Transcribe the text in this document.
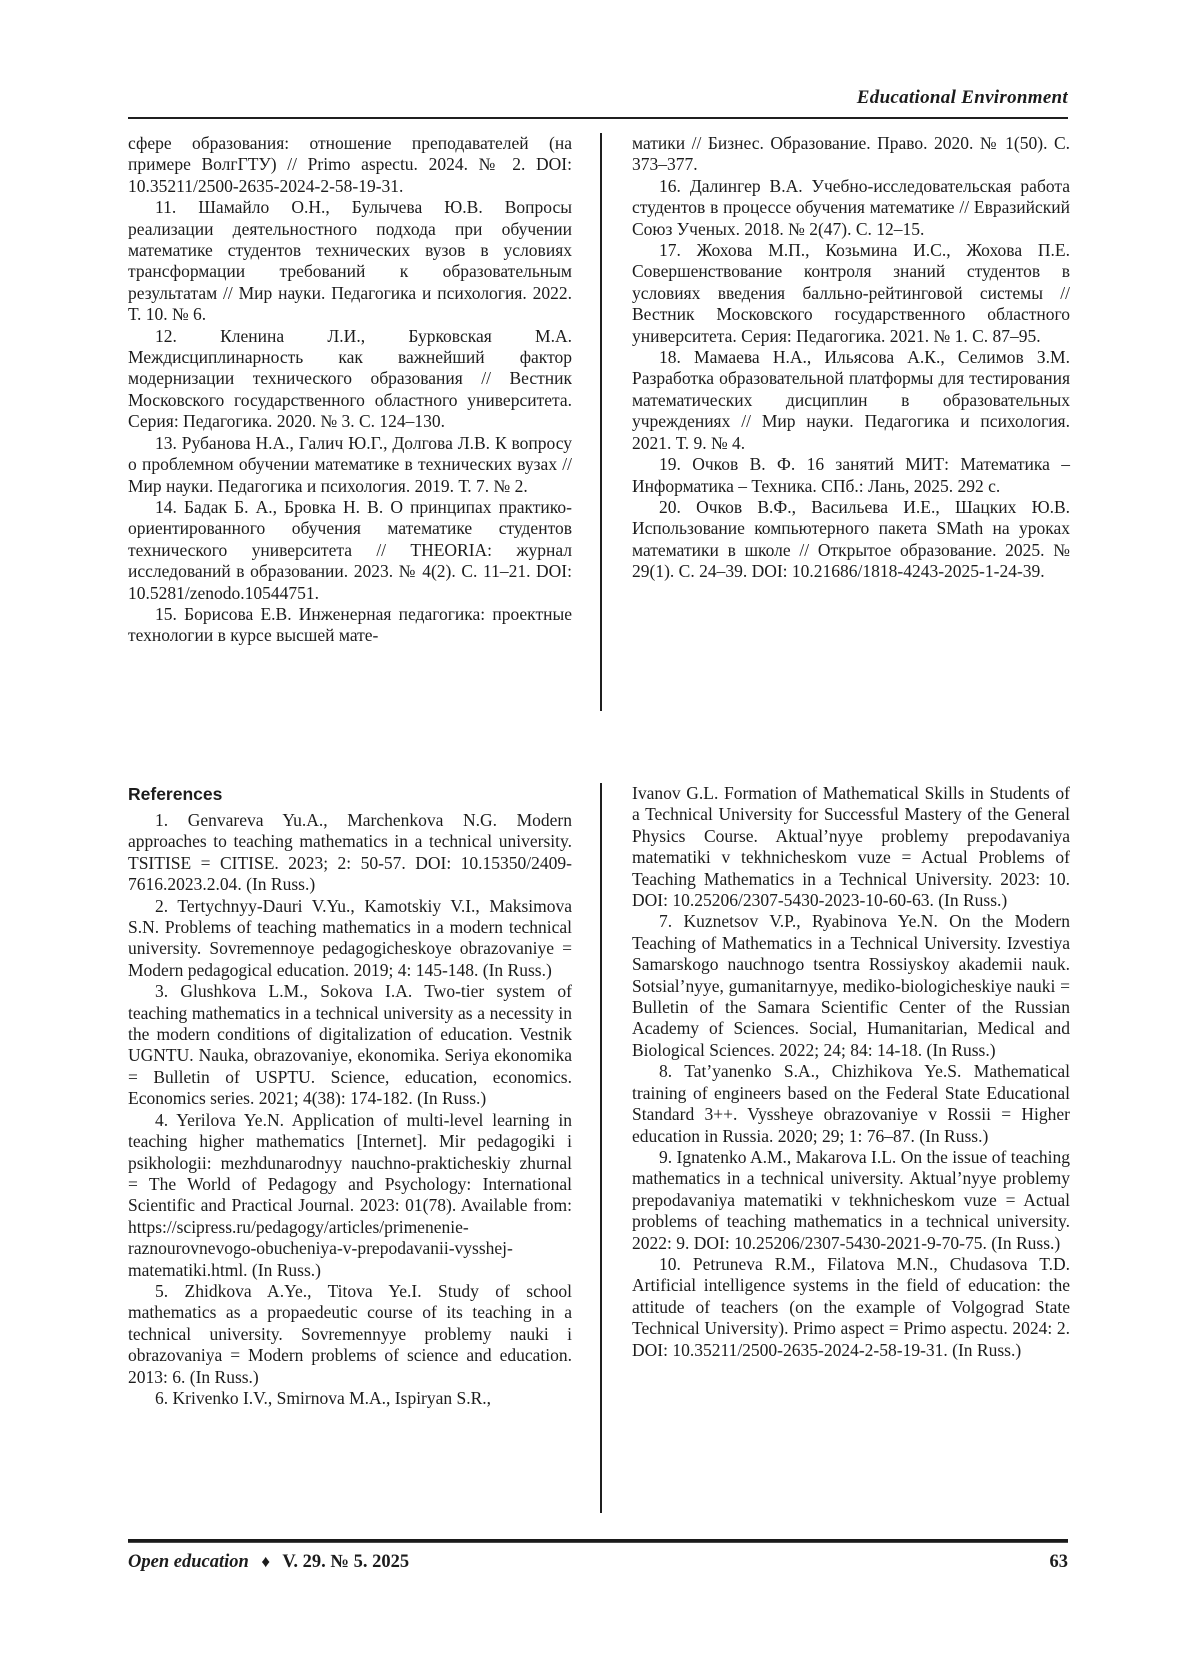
Educational Environment

сфере образования: отношение преподавателей (на примере ВолгГТУ) // Primo aspectu. 2024. № 2. DOI: 10.35211/2500-2635-2024-2-58-19-31.

11. Шамайло О.Н., Булычева Ю.В. Вопросы реализации деятельностного подхода при обучении математике студентов технических вузов в условиях трансформации требований к образовательным результатам // Мир науки. Педагогика и психология. 2022. Т. 10. № 6.

12. Кленина Л.И., Бурковская М.А. Междисциплинарность как важнейший фактор модернизации технического образования // Вестник Московского государственного областного университета. Серия: Педагогика. 2020. № 3. С. 124–130.

13. Рубанова Н.А., Галич Ю.Г., Долгова Л.В. К вопросу о проблемном обучении математике в технических вузах // Мир науки. Педагогика и психология. 2019. Т. 7. № 2.

14. Бадак Б. А., Бровка Н. В. О принципах практико-ориентированного обучения математике студентов технического университета // THEORIA: журнал исследований в образовании. 2023. № 4(2). С. 11–21. DOI: 10.5281/zenodo.10544751.

15. Борисова Е.В. Инженерная педагогика: проектные технологии в курсе высшей мате-

матики // Бизнес. Образование. Право. 2020. № 1(50). С. 373–377.

16. Далингер В.А. Учебно-исследовательская работа студентов в процессе обучения математике // Евразийский Союз Ученых. 2018. № 2(47). С. 12–15.

17. Жохова М.П., Козьмина И.С., Жохова П.Е. Совершенствование контроля знаний студентов в условиях введения балльно-рейтинговой системы // Вестник Московского государственного областного университета. Серия: Педагогика. 2021. № 1. С. 87–95.

18. Мамаева Н.А., Ильясова А.К., Селимов З.М. Разработка образовательной платформы для тестирования математических дисциплин в образовательных учреждениях // Мир науки. Педагогика и психология. 2021. Т. 9. № 4.

19. Очков В. Ф. 16 занятий МИТ: Математика – Информатика – Техника. СПб.: Лань, 2025. 292 с.

20. Очков В.Ф., Васильева И.Е., Шацких Ю.В. Использование компьютерного пакета SMath на уроках математики в школе // Открытое образование. 2025. № 29(1). С. 24–39. DOI: 10.21686/1818-4243-2025-1-24-39.

References

1. Genvareva Yu.A., Marchenkova N.G. Modern approaches to teaching mathematics in a technical university. TSITISE = CITISE. 2023; 2: 50-57. DOI: 10.15350/2409-7616.2023.2.04. (In Russ.)

2. Tertychnyy-Dauri V.Yu., Kamotskiy V.I., Maksimova S.N. Problems of teaching mathematics in a modern technical university. Sovremennoye pedagogicheskoye obrazovaniye = Modern pedagogical education. 2019; 4: 145-148. (In Russ.)

3. Glushkova L.M., Sokova I.A. Two-tier system of teaching mathematics in a technical university as a necessity in the modern conditions of digitalization of education. Vestnik UGNTU. Nauka, obrazovaniye, ekonomika. Seriya ekonomika = Bulletin of USPTU. Science, education, economics. Economics series. 2021; 4(38): 174-182. (In Russ.)

4. Yerilova Ye.N. Application of multi-level learning in teaching higher mathematics [Internet]. Mir pedagogiki i psikhologii: mezhdunarodnyy nauchno-prakticheskiy zhurnal = The World of Pedagogy and Psychology: International Scientific and Practical Journal. 2023: 01(78). Available from: https://scipress.ru/pedagogy/articles/primenenie-raznourovnevogo-obucheniya-v-prepodavanii-vysshej-matematiki.html. (In Russ.)

5. Zhidkova A.Ye., Titova Ye.I. Study of school mathematics as a propaedeutic course of its teaching in a technical university. Sovremennyye problemy nauki i obrazovaniya = Modern problems of science and education. 2013: 6. (In Russ.)

6. Krivenko I.V., Smirnova M.A., Ispiryan S.R.,

Ivanov G.L. Formation of Mathematical Skills in Students of a Technical University for Successful Mastery of the General Physics Course. Aktual’nyye problemy prepodavaniya matematiki v tekhnicheskom vuze = Actual Problems of Teaching Mathematics in a Technical University. 2023: 10. DOI: 10.25206/2307-5430-2023-10-60-63. (In Russ.)

7. Kuznetsov V.P., Ryabinova Ye.N. On the Modern Teaching of Mathematics in a Technical University. Izvestiya Samarskogo nauchnogo tsentra Rossiyskoy akademii nauk. Sotsial’nyye, gumanitarnyye, mediko-biologicheskiye nauki = Bulletin of the Samara Scientific Center of the Russian Academy of Sciences. Social, Humanitarian, Medical and Biological Sciences. 2022; 24; 84: 14-18. (In Russ.)

8. Tat’yanenko S.A., Chizhikova Ye.S. Mathematical training of engineers based on the Federal State Educational Standard 3++. Vyssheye obrazovaniye v Rossii = Higher education in Russia. 2020; 29; 1: 76–87. (In Russ.)

9. Ignatenko A.M., Makarova I.L. On the issue of teaching mathematics in a technical university. Aktual’nyye problemy prepodavaniya matematiki v tekhnicheskom vuze = Actual problems of teaching mathematics in a technical university. 2022: 9. DOI: 10.25206/2307-5430-2021-9-70-75. (In Russ.)

10. Petruneva R.M., Filatova M.N., Chudasova T.D. Artificial intelligence systems in the field of education: the attitude of teachers (on the example of Volgograd State Technical University). Primo aspect = Primo aspectu. 2024: 2. DOI: 10.35211/2500-2635-2024-2-58-19-31. (In Russ.)

Open education ♦ V. 29. № 5. 2025	63
